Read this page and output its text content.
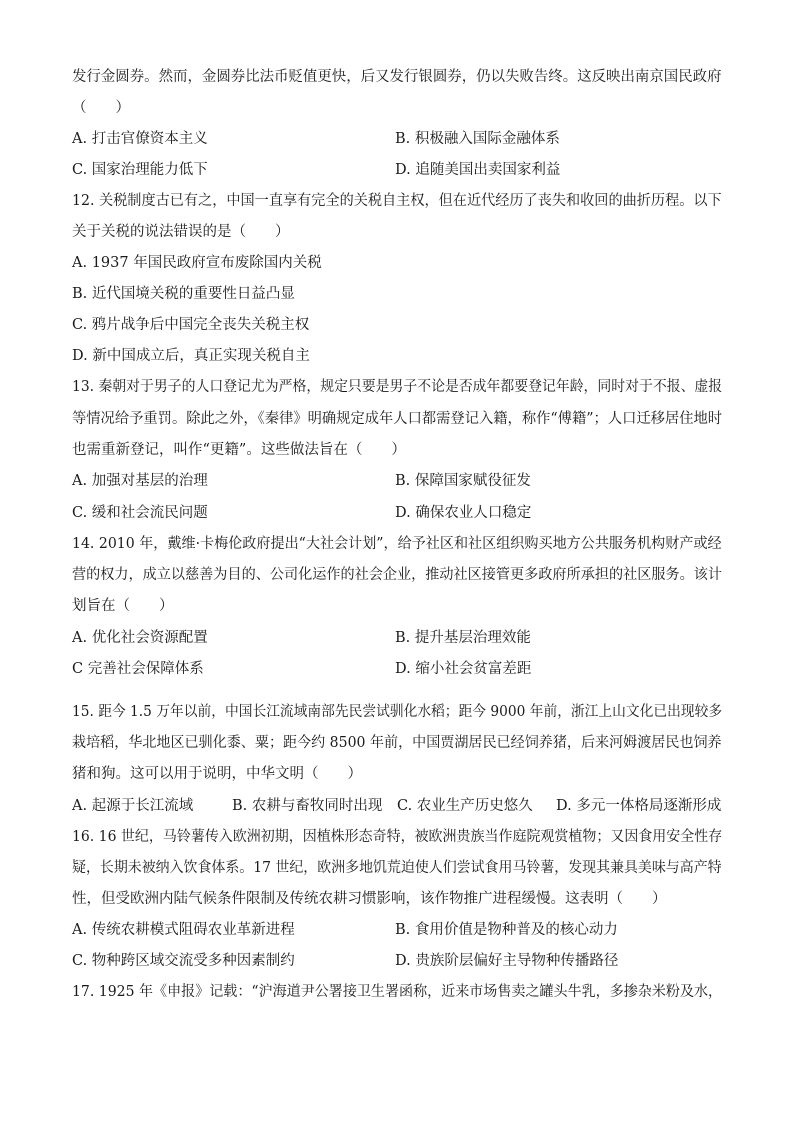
发行金圆券。然而，金圆券比法币贬值更快，后又发行银圆券，仍以失败告终。这反映出南京国民政府
（　　）
A. 打击官僚资本主义	B. 积极融入国际金融体系
C. 国家治理能力低下	D. 追随美国出卖国家利益
12. 关税制度古已有之，中国一直享有完全的关税自主权，但在近代经历了丧失和收回的曲折历程。以下
关于关税的说法错误的是（　　）
A. 1937 年国民政府宣布废除国内关税
B. 近代国境关税的重要性日益凸显
C. 鸦片战争后中国完全丧失关税主权
D. 新中国成立后，真正实现关税自主
13. 秦朝对于男子的人口登记尤为严格，规定只要是男子不论是否成年都要登记年龄，同时对于不报、虚报
等情况给予重罚。除此之外，《秦律》明确规定成年人口都需登记入籍，称作“傅籍”；人口迁移居住地时
也需重新登记，叫作“更籍”。这些做法旨在（　　）
A. 加强对基层的治理	B. 保障国家赋役征发
C. 缓和社会流民问题	D. 确保农业人口稳定
14. 2010 年，戴维·卡梅伦政府提出“大社会计划”，给予社区和社区组织购买地方公共服务机构财产或经
营的权力，成立以慈善为目的、公司化运作的社会企业，推动社区接管更多政府所承担的社区服务。该计
划旨在（　　）
A. 优化社会资源配置	B. 提升基层治理效能
C 完善社会保障体系	D. 缩小社会贫富差距
15. 距今 1.5 万年以前，中国长江流域南部先民尝试驯化水稻；距今 9000 年前，浙江上山文化已出现较多
栽培稻，华北地区已驯化黍、粟；距今约 8500 年前，中国贾湖居民已经饲养猪，后来河姆渡居民也饲养
猪和狗。这可以用于说明，中华文明（　　）
A. 起源于长江流域	B. 农耕与畜牧同时出现 C. 农业生产历史悠久 D. 多元一体格局逐渐形成
16. 16 世纪，马铃薯传入欧洲初期，因植株形态奇特，被欧洲贵族当作庭院观赏植物；又因食用安全性存
疑，长期未被纳入饮食体系。17 世纪，欧洲多地饥荒迫使人们尝试食用马铃薯，发现其兼具美味与高产特
性，但受欧洲内陆气候条件限制及传统农耕习惯影响，该作物推广进程缓慢。这表明（　　）
A. 传统农耕模式阻碍农业革新进程	B. 食用价值是物种普及的核心动力
C. 物种跨区域交流受多种因素制约	D. 贵族阶层偏好主导物种传播路径
17. 1925 年《申报》记载：“沪海道尹公署接卫生署函称，近来市场售卖之罐头牛乳，多掺杂米粉及水，
